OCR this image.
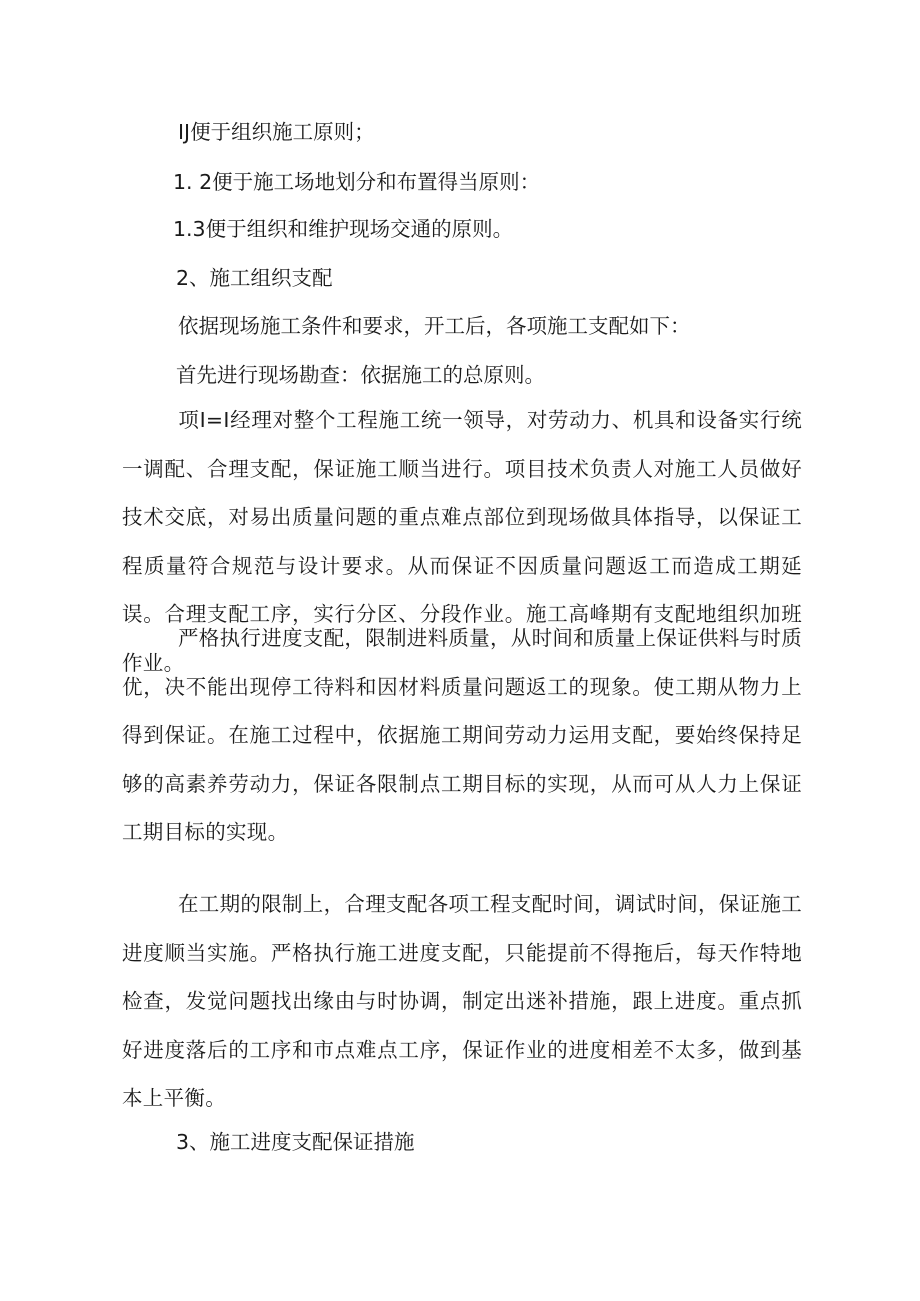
IJ便于组织施工原则；
1. 2便于施工场地划分和布置得当原则：
1.3便于组织和维护现场交通的原则。
2、施工组织支配
依据现场施工条件和要求，开工后，各项施工支配如下：
首先进行现场勘查：依据施工的总原则。

项I=I经理对整个工程施工统一领导，对劳动力、机具和设备实行统一调配、合理支配，保证施工顺当进行。项目技术负责人对施工人员做好技术交底，对易出质量问题的重点难点部位到现场做具体指导，以保证工程质量符合规范与设计要求。从而保证不因质量问题返工而造成工期延误。合理支配工序，实行分区、分段作业。施工高峰期有支配地组织加班作业。

严格执行进度支配，限制进料质量，从时间和质量上保证供料与时质优，决不能出现停工待料和因材料质量问题返工的现象。使工期从物力上得到保证。在施工过程中，依据施工期间劳动力运用支配，要始终保持足够的高素养劳动力，保证各限制点工期目标的实现，从而可从人力上保证工期目标的实现。

在工期的限制上，合理支配各项工程支配时间，调试时间，保证施工进度顺当实施。严格执行施工进度支配，只能提前不得拖后，每天作特地检查，发觉问题找出缘由与时协调，制定出迷补措施，跟上进度。重点抓好进度落后的工序和市点难点工序，保证作业的进度相差不太多，做到基本上平衡。

3、施工进度支配保证措施
